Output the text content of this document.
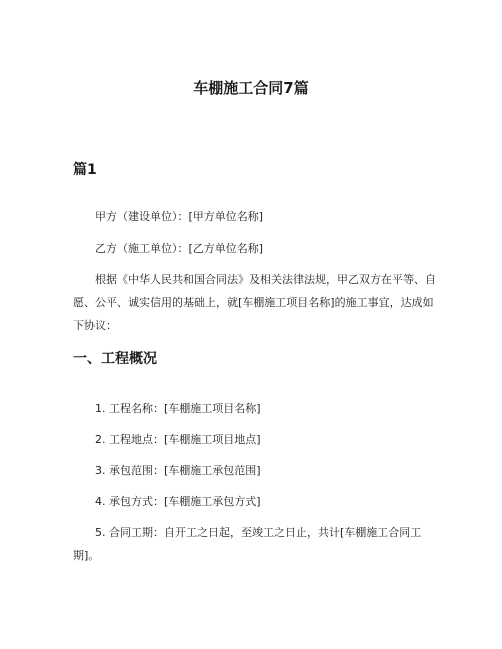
车棚施工合同7篇
篇1

甲方（建设单位）：[甲方单位名称]

乙方（施工单位）：[乙方单位名称]

根据《中华人民共和国合同法》及相关法律法规，甲乙双方在平等、自愿、公平、诚实信用的基础上，就[车棚施工项目名称]的施工事宜，达成如下协议：

一、工程概况

1. 工程名称：[车棚施工项目名称]

2. 工程地点：[车棚施工项目地点]

3. 承包范围：[车棚施工承包范围]

4. 承包方式：[车棚施工承包方式]

5. 合同工期：自开工之日起，至竣工之日止，共计[车棚施工合同工期]。
